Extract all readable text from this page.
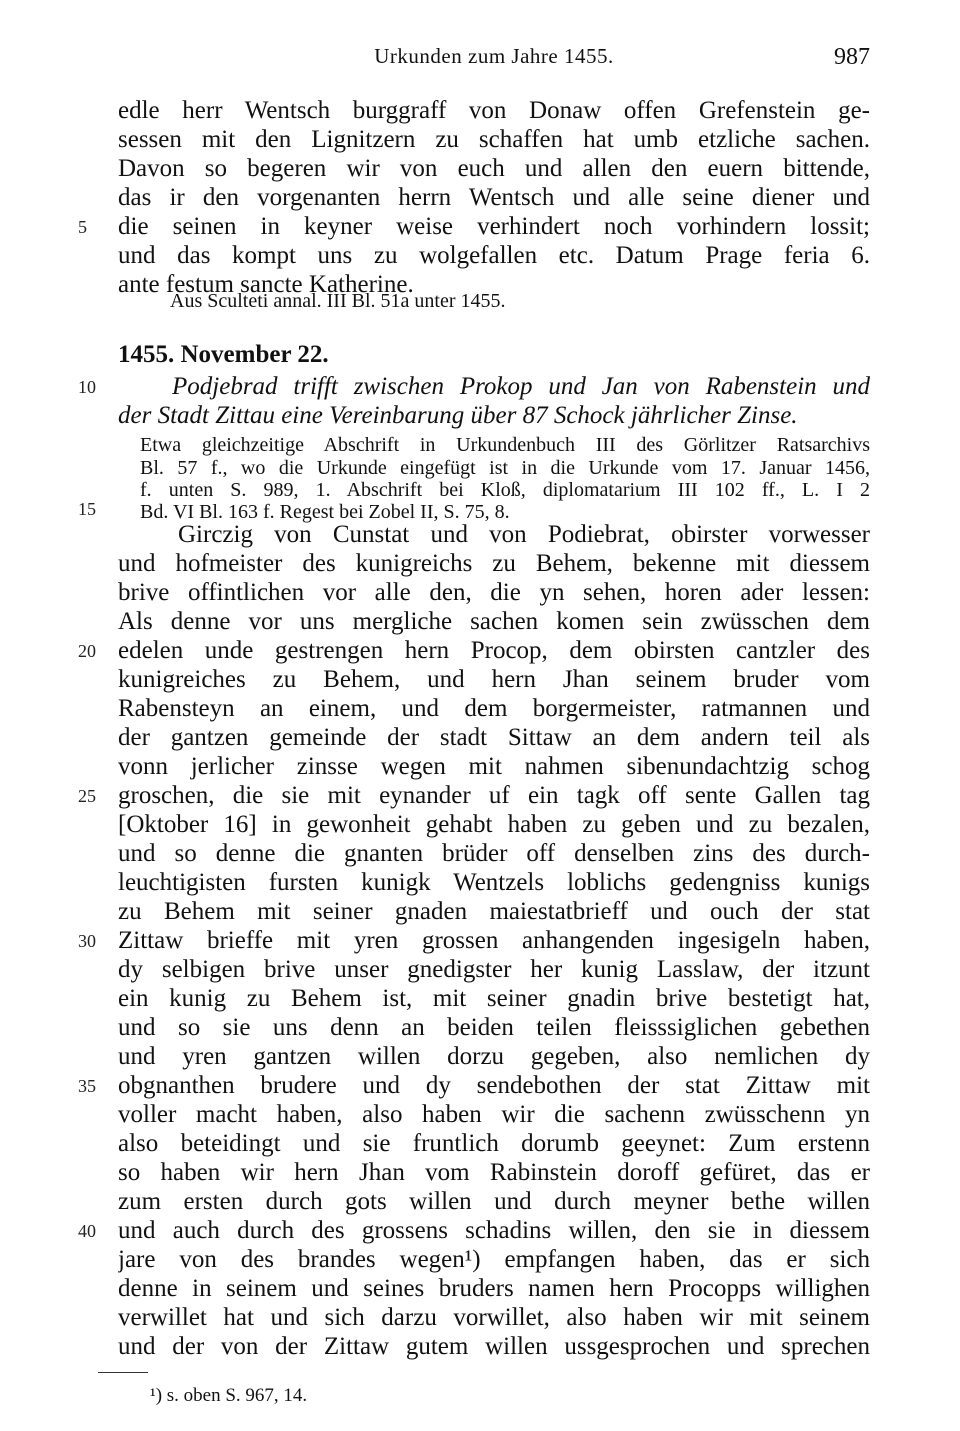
Urkunden zum Jahre 1455.	987
edle herr Wentsch burggraff von Donaw offen Grefenstein ge-
sessen mit den Lignitzern zu schaffen hat umb etzliche sachen.
Davon so begeren wir von euch und allen den euern bittende,
das ir den vorgenanten herrn Wentsch und alle seine diener und
die seinen in keyner weise verhindert noch vorhindern lossit;
und das kompt uns zu wolgefallen etc. Datum Prage feria 6.
ante festum sancte Katherine.
Aus Sculteti annal. III Bl. 51a unter 1455.
1455. November 22.
Podjebrad trifft zwischen Prokop und Jan von Rabenstein und
der Stadt Zittau eine Vereinbarung über 87 Schock jährlicher Zinse.
Etwa gleichzeitige Abschrift in Urkundenbuch III des Görlitzer Ratsarchivs
Bl. 57 f., wo die Urkunde eingefügt ist in die Urkunde vom 17. Januar 1456,
f. unten S. 989, 1. Abschrift bei Kloß, diplomatarium III 102 ff., L. I 2
Bd. VI Bl. 163 f. Regest bei Zobel II, S. 75, 8.
Girczig von Cunstat und von Podiebrat, obirster vorwesser
und hofmeister des kunigreichs zu Behem, bekenne mit diessem
brive offintlichen vor alle den, die yn sehen, horen ader lessen:
Als denne vor uns mergliche sachen komen sein zwüsschen dem
edelen unde gestrengen hern Procop, dem obirsten cantzler des
kunigreiches zu Behem, und hern Jhan seinem bruder vom
Rabensteyn an einem, und dem borgermeister, ratmannen und
der gantzen gemeinde der stadt Sittaw an dem andern teil als
vonn jerlicher zinsse wegen mit nahmen sibenundachtzig schog
groschen, die sie mit eynander uf ein tagk off sente Gallen tag
[Oktober 16] in gewonheit gehabt haben zu geben und zu bezalen,
und so denne die gnanten brüder off denselben zins des durch-
leuchtigisten fursten kunigk Wentzels loblichs gedengniss kunigs
zu Behem mit seiner gnaden maiestatbrieff und ouch der stat
Zittaw brieffe mit yren grossen anhangenden ingesigeln haben,
dy selbigen brive unser gnedigster her kunig Lasslaw, der itzunt
ein kunig zu Behem ist, mit seiner gnadin brive bestetigt hat,
und so sie uns denn an beiden teilen fleisssiglichen gebethen
und yren gantzen willen dorzu gegeben, also nemlichen dy
obgnanthen brudere und dy sendebothen der stat Zittaw mit
voller macht haben, also haben wir die sachenn zwüsschenn yn
also beteidingt und sie fruntlich dorumb geeynet: Zum erstenn
so haben wir hern Jhan vom Rabinstein doroff gefüret, das er
zum ersten durch gots willen und durch meyner bethe willen
und auch durch des grossens schadins willen, den sie in diessem
jare von des brandes wegen¹) empfangen haben, das er sich
denne in seinem und seines bruders namen hern Procopps willighen
verwillet hat und sich darzu vorwillet, also haben wir mit seinem
und der von der Zittaw gutem willen ussgesprochen und sprechen
5
10
15
20
25
30
35
40
¹) s. oben S. 967, 14.
